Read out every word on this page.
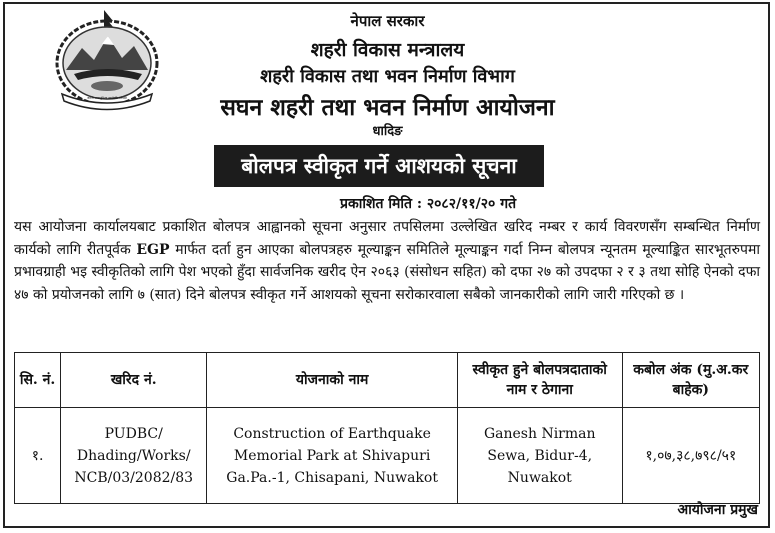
जननी जन्मभूमिश्च स्वर्गादपि गरीयसी
नेपाल सरकार
शहरी विकास मन्त्रालय
शहरी विकास तथा भवन निर्माण विभाग
सघन शहरी तथा भवन निर्माण आयोजना
धादिङ
बोलपत्र स्वीकृत गर्ने आशयको सूचना
प्रकाशित मिति : २०८२/११/२० गते
यस आयोजना कार्यालयबाट प्रकाशित बोलपत्र आह्वानको सूचना अनुसार तपसिलमा उल्लेखित खरिद नम्बर र कार्य विवरणसँग सम्बन्धित निर्माण कार्यको लागि रीतपूर्वक EGP मार्फत दर्ता हुन आएका बोलपत्रहरु मूल्याङ्कन समितिले मूल्याङ्कन गर्दा निम्न बोलपत्र न्यूनतम मूल्याङ्कित सारभूतरुपमा प्रभावग्राही भइ स्वीकृतिको लागि पेश भएको हुँदा सार्वजनिक खरीद ऐन २०६३ (संसोधन सहित) को दफा २७ को उपदफा २ र ३ तथा सोहि ऐनको दफा ४७ को प्रयोजनको लागि ७ (सात) दिने बोलपत्र स्वीकृत गर्ने आशयको सूचना सरोकारवाला सबैको जानकारीको लागि जारी गरिएको छ ।
सि. नं.	खरिद नं.	योजनाको नाम	स्वीकृत हुने बोलपत्रदाताको नाम र ठेगाना	कबोल अंक (मु.अ.कर बाहेक)
१.	PUDBC/ Dhading/Works/ NCB/03/2082/83	Construction of Earthquake Memorial Park at Shivapuri Ga.Pa.-1, Chisapani, Nuwakot	Ganesh Nirman Sewa, Bidur-4, Nuwakot	१,०७,३८,७९८/५१
आयोजना प्रमुख
